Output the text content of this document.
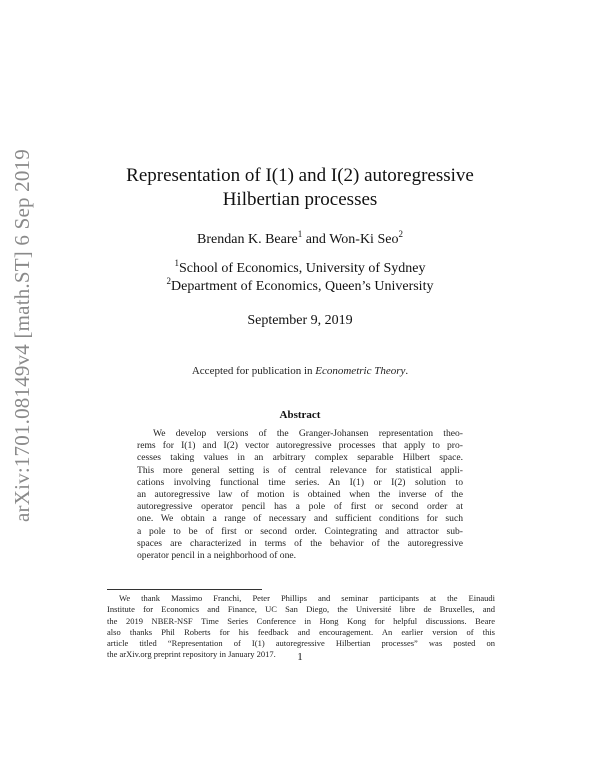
arXiv:1701.08149v4 [math.ST] 6 Sep 2019	Representation of I(1) and I(2) autoregressive
Hilbertian processes
Brendan K. Beare$^1$ and Won-Ki Seo$^2$
$^1$School of Economics, University of Sydney
$^2$Department of Economics, Queen’s University
September 9, 2019
Accepted for publication in Econometric Theory.
Abstract
We develop versions of the Granger-Johansen representation theo-
rems for I(1) and I(2) vector autoregressive processes that apply to pro-
cesses taking values in an arbitrary complex separable Hilbert space.
This more general setting is of central relevance for statistical appli-
cations involving functional time series. An I(1) or I(2) solution to
an autoregressive law of motion is obtained when the inverse of the
autoregressive operator pencil has a pole of first or second order at
one. We obtain a range of necessary and sufficient conditions for such
a pole to be of first or second order. Cointegrating and attractor sub-
spaces are characterized in terms of the behavior of the autoregressive
operator pencil in a neighborhood of one.
We thank Massimo Franchi, Peter Phillips and seminar participants at the Einaudi
Institute for Economics and Finance, UC San Diego, the Université libre de Bruxelles, and
the 2019 NBER-NSF Time Series Conference in Hong Kong for helpful discussions. Beare
also thanks Phil Roberts for his feedback and encouragement. An earlier version of this
article titled “Representation of I(1) autoregressive Hilbertian processes” was posted on
the arXiv.org preprint repository in January 2017.	1
